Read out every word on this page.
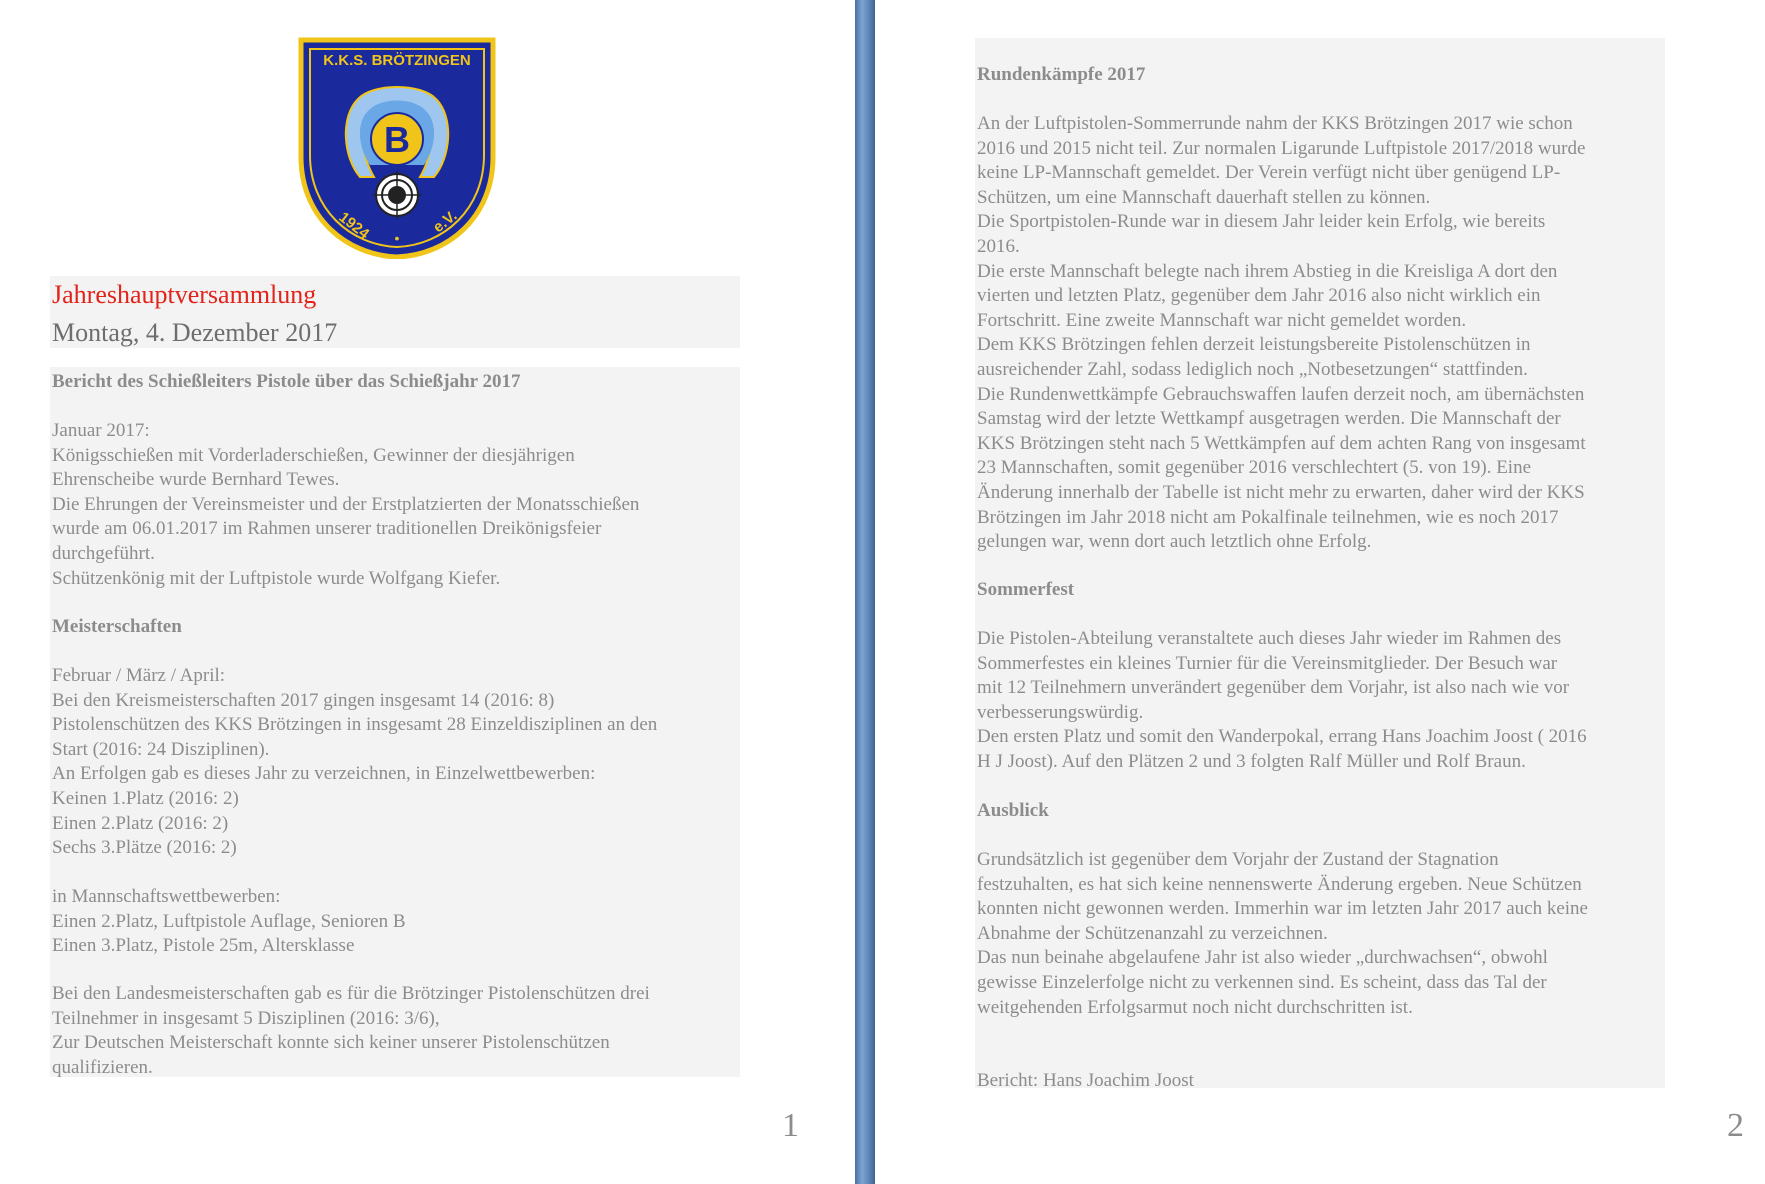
K.K.S. BRÖTZINGEN
B
1924 •
e.V.
Jahreshauptversammlung
Montag, 4. Dezember 2017
Bericht des Schießleiters Pistole über das Schießjahr 2017
Januar 2017:
Königsschießen mit Vorderladerschießen, Gewinner der diesjährigen
Ehrenscheibe wurde Bernhard Tewes.
Die Ehrungen der Vereinsmeister und der Erstplatzierten der Monatsschießen
wurde am 06.01.2017 im Rahmen unserer traditionellen Dreikönigsfeier
durchgeführt.
Schützenkönig mit der Luftpistole wurde Wolfgang Kiefer.
Meisterschaften
Februar / März / April:
Bei den Kreismeisterschaften 2017 gingen insgesamt 14 (2016: 8)
Pistolenschützen des KKS Brötzingen in insgesamt 28 Einzeldisziplinen an den
Start (2016: 24 Disziplinen).
An Erfolgen gab es dieses Jahr zu verzeichnen, in Einzelwettbewerben:
Keinen 1.Platz (2016: 2)
Einen 2.Platz (2016: 2)
Sechs 3.Plätze (2016: 2)
in Mannschaftswettbewerben:
Einen 2.Platz, Luftpistole Auflage, Senioren B
Einen 3.Platz, Pistole 25m, Altersklasse
Bei den Landesmeisterschaften gab es für die Brötzinger Pistolenschützen drei
Teilnehmer in insgesamt 5 Disziplinen (2016: 3/6),
Zur Deutschen Meisterschaft konnte sich keiner unserer Pistolenschützen
qualifizieren.
1
Rundenkämpfe 2017
An der Luftpistolen-Sommerrunde nahm der KKS Brötzingen 2017 wie schon
2016 und 2015 nicht teil. Zur normalen Ligarunde Luftpistole 2017/2018 wurde
keine LP-Mannschaft gemeldet. Der Verein verfügt nicht über genügend LP-
Schützen, um eine Mannschaft dauerhaft stellen zu können.
Die Sportpistolen-Runde war in diesem Jahr leider kein Erfolg, wie bereits
2016.
Die erste Mannschaft belegte nach ihrem Abstieg in die Kreisliga A dort den
vierten und letzten Platz, gegenüber dem Jahr 2016 also nicht wirklich ein
Fortschritt. Eine zweite Mannschaft war nicht gemeldet worden.
Dem KKS Brötzingen fehlen derzeit leistungsbereite Pistolenschützen in
ausreichender Zahl, sodass lediglich noch „Notbesetzungen“ stattfinden.
Die Rundenwettkämpfe Gebrauchswaffen laufen derzeit noch, am übernächsten
Samstag wird der letzte Wettkampf ausgetragen werden. Die Mannschaft der
KKS Brötzingen steht nach 5 Wettkämpfen auf dem achten Rang von insgesamt
23 Mannschaften, somit gegenüber 2016 verschlechtert (5. von 19). Eine
Änderung innerhalb der Tabelle ist nicht mehr zu erwarten, daher wird der KKS
Brötzingen im Jahr 2018 nicht am Pokalfinale teilnehmen, wie es noch 2017
gelungen war, wenn dort auch letztlich ohne Erfolg.
Sommerfest
Die Pistolen-Abteilung veranstaltete auch dieses Jahr wieder im Rahmen des
Sommerfestes ein kleines Turnier für die Vereinsmitglieder. Der Besuch war
mit 12 Teilnehmern unverändert gegenüber dem Vorjahr, ist also nach wie vor
verbesserungswürdig.
Den ersten Platz und somit den Wanderpokal, errang Hans Joachim Joost ( 2016
H J Joost). Auf den Plätzen 2 und 3 folgten Ralf Müller und Rolf Braun.
Ausblick
Grundsätzlich ist gegenüber dem Vorjahr der Zustand der Stagnation
festzuhalten, es hat sich keine nennenswerte Änderung ergeben. Neue Schützen
konnten nicht gewonnen werden. Immerhin war im letzten Jahr 2017 auch keine
Abnahme der Schützenanzahl zu verzeichnen.
Das nun beinahe abgelaufene Jahr ist also wieder „durchwachsen“, obwohl
gewisse Einzelerfolge nicht zu verkennen sind. Es scheint, dass das Tal der
weitgehenden Erfolgsarmut noch nicht durchschritten ist.
Bericht: Hans Joachim Joost
2
